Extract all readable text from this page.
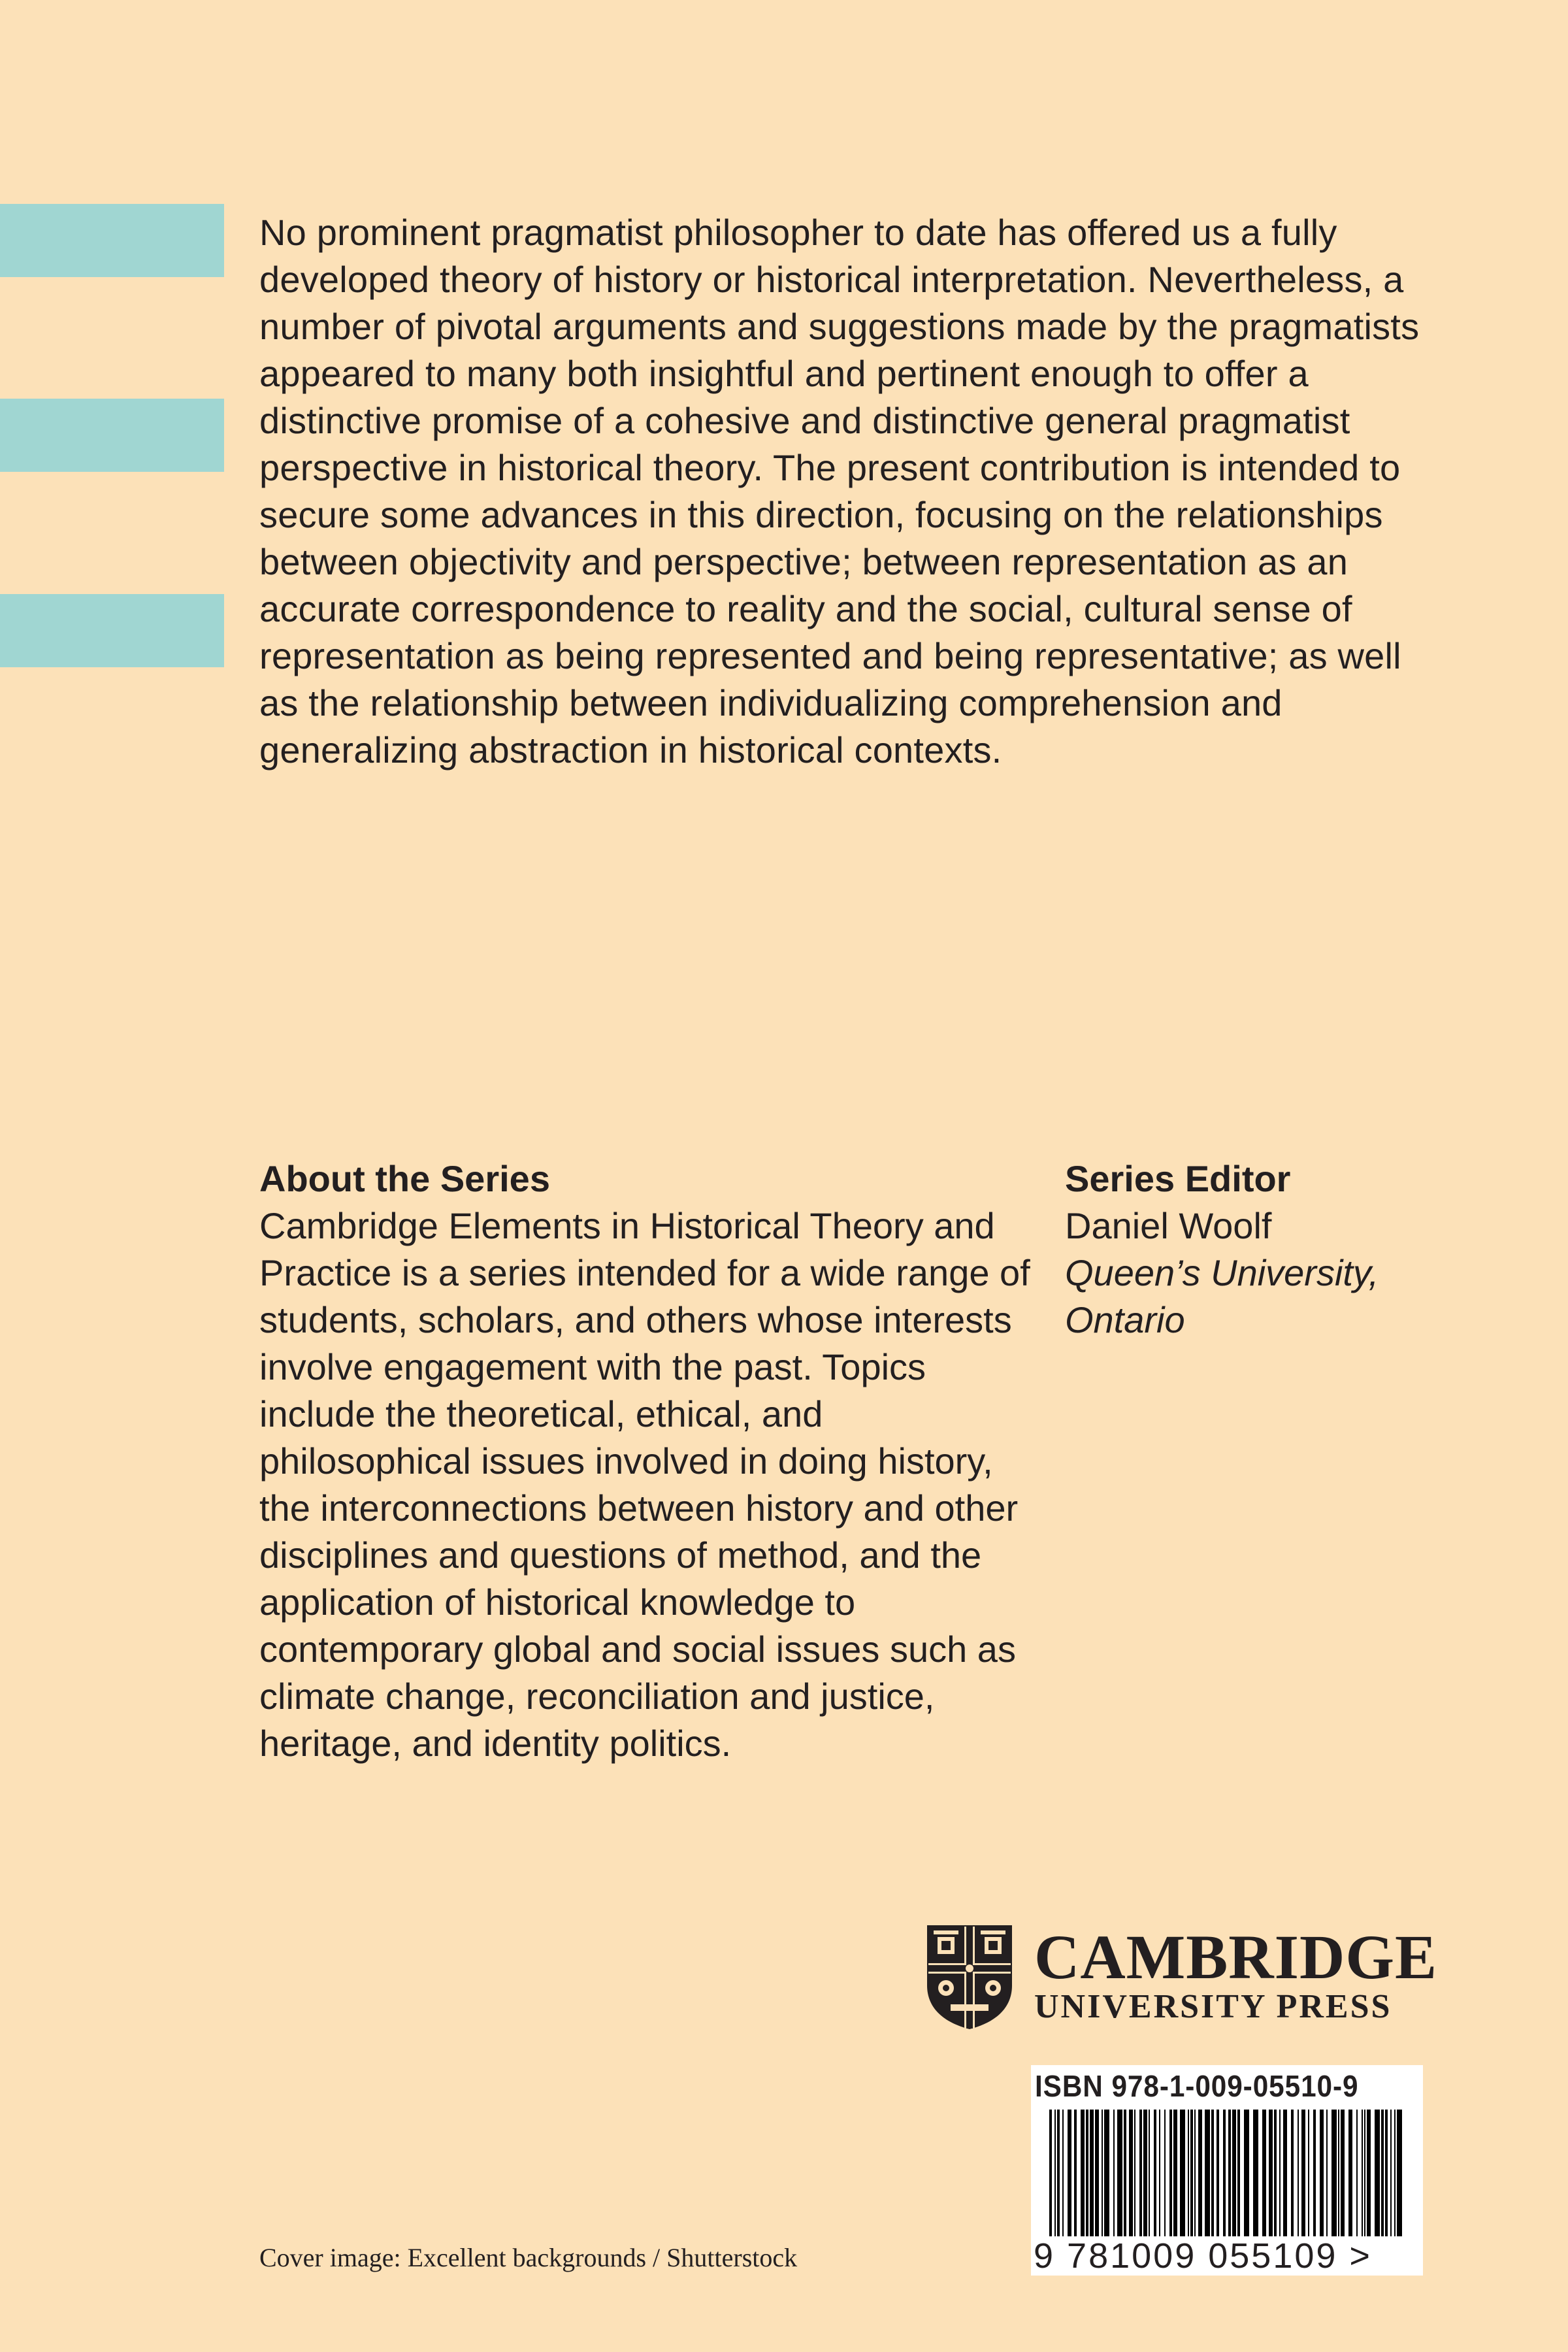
No prominent pragmatist philosopher to date has offered us a fully developed theory of history or historical interpretation. Nevertheless, a number of pivotal arguments and suggestions made by the pragmatists appeared to many both insightful and pertinent enough to offer a distinctive promise of a cohesive and distinctive general pragmatist perspective in historical theory. The present contribution is intended to secure some advances in this direction, focusing on the relationships between objectivity and perspective; between representation as an accurate correspondence to reality and the social, cultural sense of representation as being represented and being representative; as well as the relationship between individualizing comprehension and generalizing abstraction in historical contexts.

About the Series

Cambridge Elements in Historical Theory and Practice is a series intended for a wide range of students, scholars, and others whose interests involve engagement with the past. Topics include the theoretical, ethical, and philosophical issues involved in doing history, the interconnections between history and other disciplines and questions of method, and the application of historical knowledge to contemporary global and social issues such as climate change, reconciliation and justice, heritage, and identity politics.

Series Editor

Daniel Woolf

Queen’s University,

Ontario

CAMBRIDGE
UNIVERSITY PRESS

ISBN 978-1-009-05510-9

9 781009 055109 >

Cover image: Excellent backgrounds / Shutterstock
